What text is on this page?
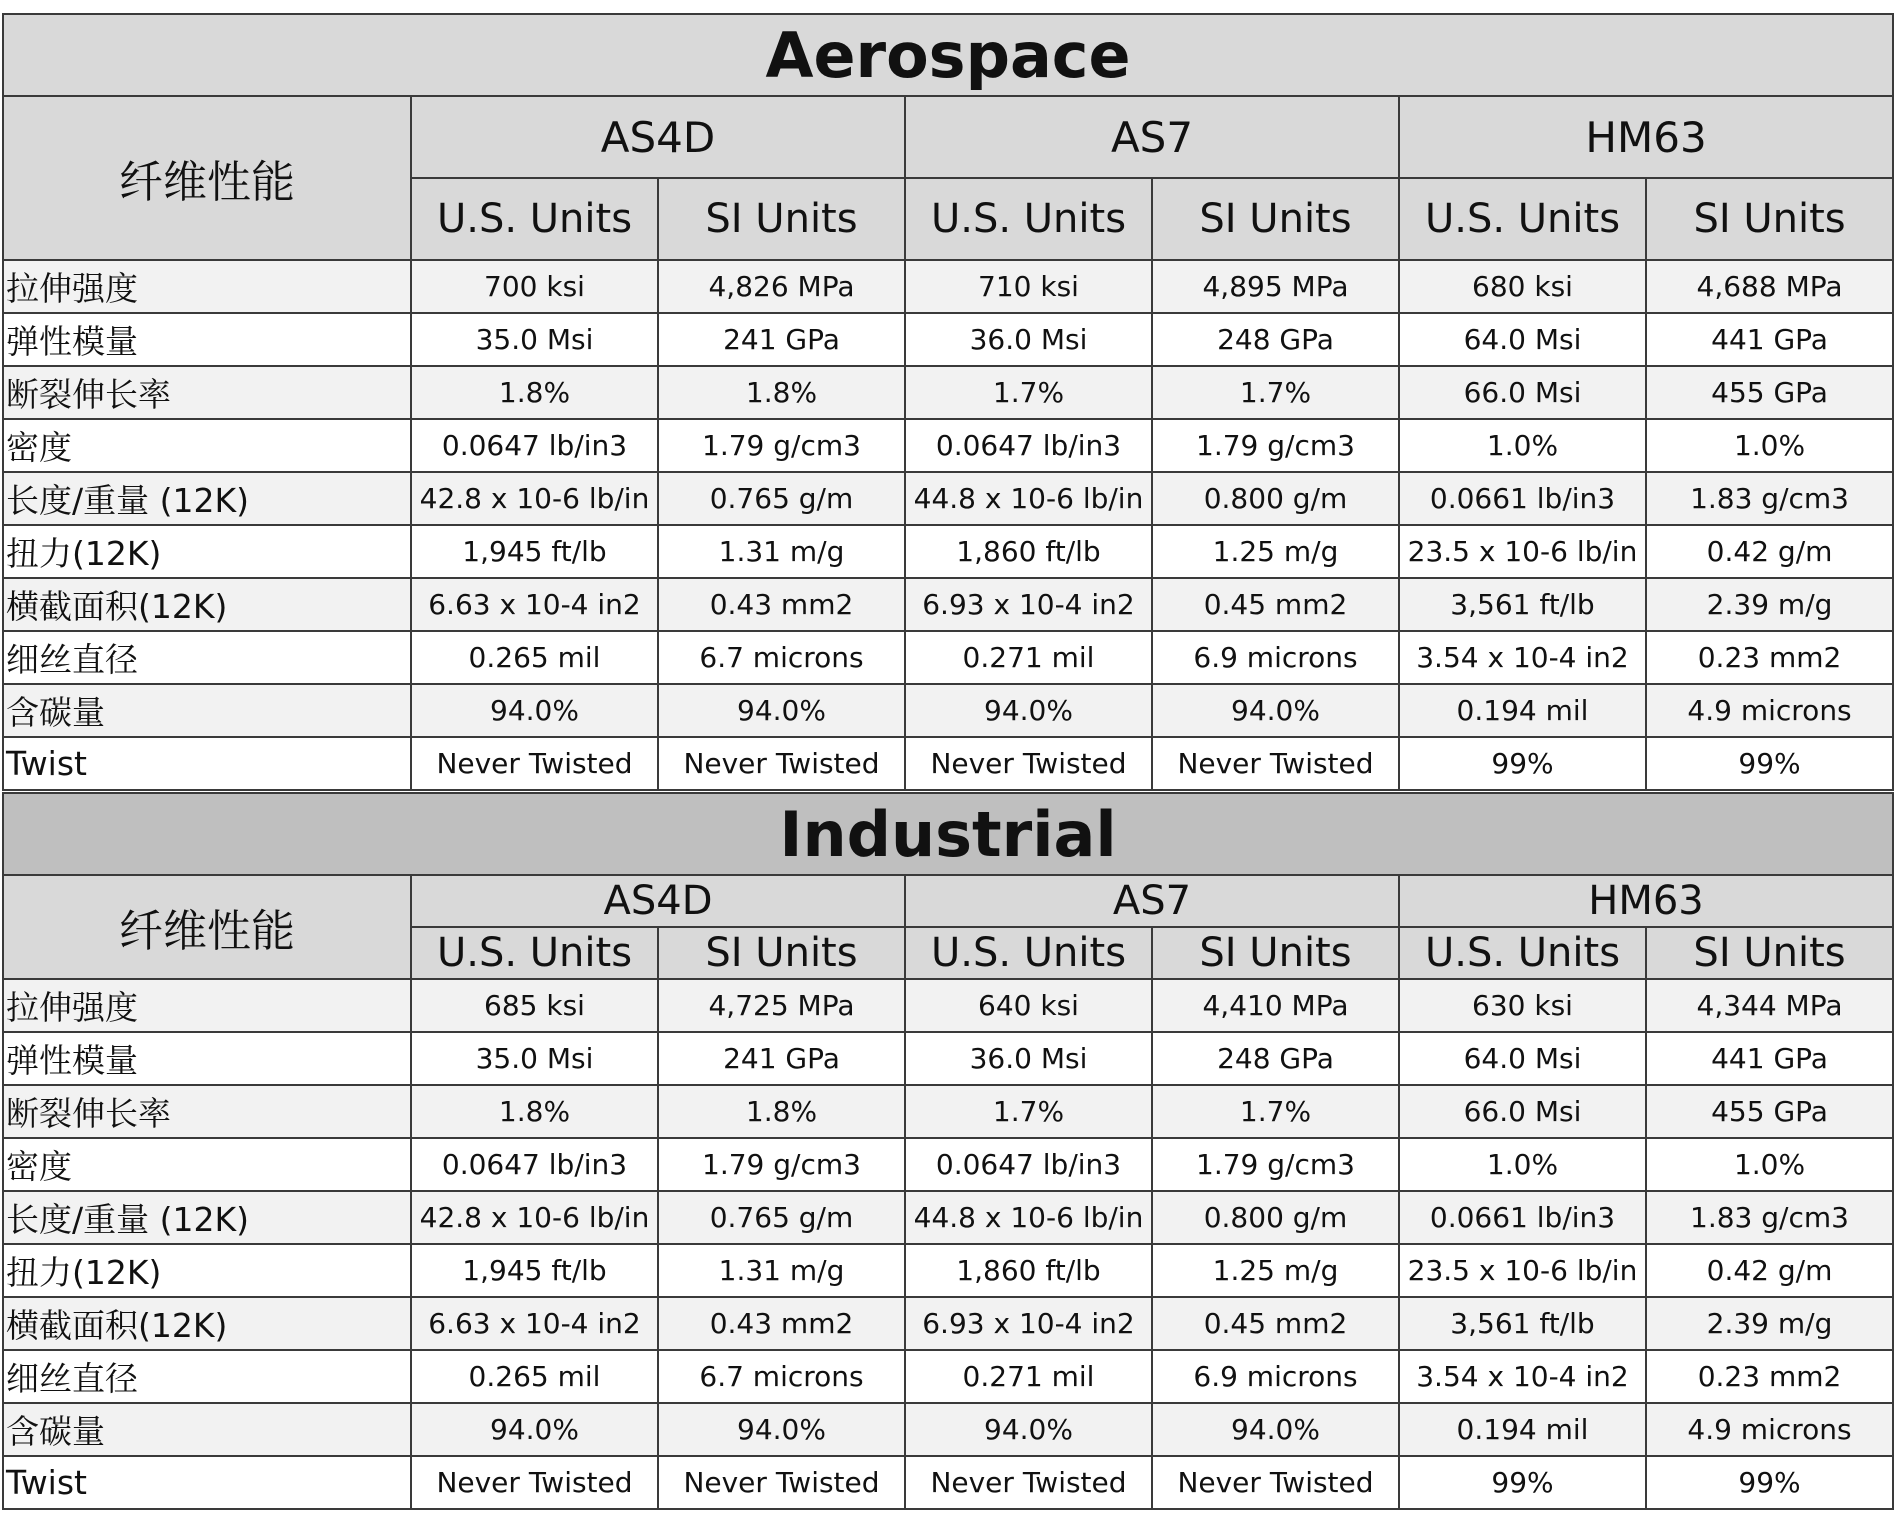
Aerospace						
纤维性能	AS4D		AS7		HM63	
	U.S. Units	SI Units	U.S. Units	SI Units	U.S. Units	SI Units
拉伸强度	700 ksi	4,826 MPa	710 ksi	4,895 MPa	680 ksi	4,688 MPa
弹性模量	35.0 Msi	241 GPa	36.0 Msi	248 GPa	64.0 Msi	441 GPa
断裂伸长率	1.8%	1.8%	1.7%	1.7%	66.0 Msi	455 GPa
密度	0.0647 lb/in3	1.79 g/cm3	0.0647 lb/in3	1.79 g/cm3	1.0%	1.0%
长度/重量 (12K)	42.8 x 10-6 lb/in	0.765 g/m	44.8 x 10-6 lb/in	0.800 g/m	0.0661 lb/in3	1.83 g/cm3
扭力(12K)	1,945 ft/lb	1.31 m/g	1,860 ft/lb	1.25 m/g	23.5 x 10-6 lb/in	0.42 g/m
横截面积(12K)	6.63 x 10-4 in2	0.43 mm2	6.93 x 10-4 in2	0.45 mm2	3,561 ft/lb	2.39 m/g
细丝直径	0.265 mil	6.7 microns	0.271 mil	6.9 microns	3.54 x 10-4 in2	0.23 mm2
含碳量	94.0%	94.0%	94.0%	94.0%	0.194 mil	4.9 microns
Twist	Never Twisted	Never Twisted	Never Twisted	Never Twisted	99%	99%
Industrial						
纤维性能	AS4D		AS7		HM63	
	U.S. Units	SI Units	U.S. Units	SI Units	U.S. Units	SI Units
拉伸强度	685 ksi	4,725 MPa	640 ksi	4,410 MPa	630 ksi	4,344 MPa
弹性模量	35.0 Msi	241 GPa	36.0 Msi	248 GPa	64.0 Msi	441 GPa
断裂伸长率	1.8%	1.8%	1.7%	1.7%	66.0 Msi	455 GPa
密度	0.0647 lb/in3	1.79 g/cm3	0.0647 lb/in3	1.79 g/cm3	1.0%	1.0%
长度/重量 (12K)	42.8 x 10-6 lb/in	0.765 g/m	44.8 x 10-6 lb/in	0.800 g/m	0.0661 lb/in3	1.83 g/cm3
扭力(12K)	1,945 ft/lb	1.31 m/g	1,860 ft/lb	1.25 m/g	23.5 x 10-6 lb/in	0.42 g/m
横截面积(12K)	6.63 x 10-4 in2	0.43 mm2	6.93 x 10-4 in2	0.45 mm2	3,561 ft/lb	2.39 m/g
细丝直径	0.265 mil	6.7 microns	0.271 mil	6.9 microns	3.54 x 10-4 in2	0.23 mm2
含碳量	94.0%	94.0%	94.0%	94.0%	0.194 mil	4.9 microns
Twist	Never Twisted	Never Twisted	Never Twisted	Never Twisted	99%	99%
